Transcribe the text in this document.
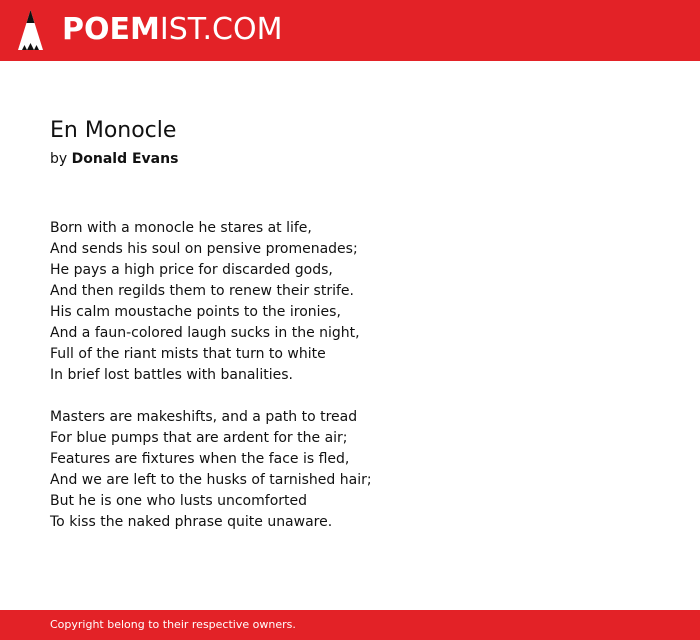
POEMIST.COM
En Monocle
by Donald Evans
Born with a monocle he stares at life,
And sends his soul on pensive promenades;
He pays a high price for discarded gods,
And then regilds them to renew their strife.
His calm moustache points to the ironies,
And a faun-colored laugh sucks in the night,
Full of the riant mists that turn to white
In brief lost battles with banalities.
Masters are makeshifts, and a path to tread
For blue pumps that are ardent for the air;
Features are fixtures when the face is fled,
And we are left to the husks of tarnished hair;
But he is one who lusts uncomforted
To kiss the naked phrase quite unaware.
Copyright belong to their respective owners.
